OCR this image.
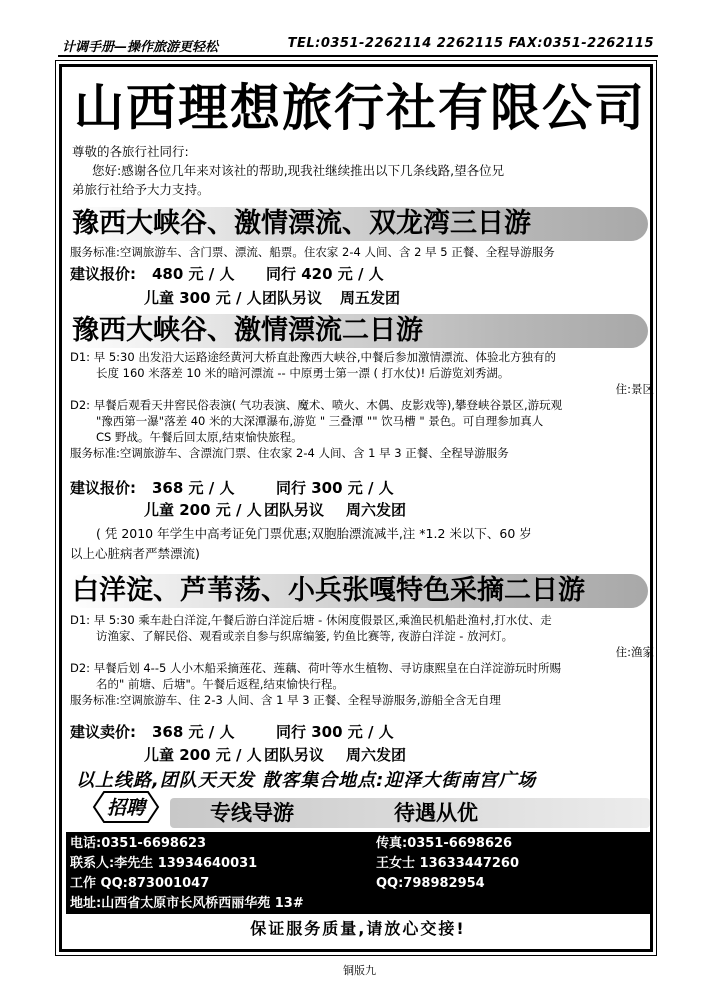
计调手册—操作旅游更轻松	TEL:0351-2262114 2262115 FAX:0351-2262115
山西理想旅行社有限公司
尊敬的各旅行社同行:

您好:感谢各位几年来对该社的帮助,现我社继续推出以下几条线路,望各位兄
弟旅行社给予大力支持。
豫西大峡谷、激情漂流、双龙湾三日游
服务标准:空调旅游车、含门票、漂流、船票。住农家 2-4 人间、含 2 早 5 正餐、全程导游服务
建议报价: 480 元 / 人 同行 420 元 / 人
儿童 300 元 / 人 团队另议 周五发团
豫西大峡谷、激情漂流二日游
D1: 早 5:30 出发沿大运路途经黄河大桥直赴豫西大峡谷,中餐后参加激情漂流、体验北方独有的
长度 160 米落差 10 米的暗河漂流 -- 中原勇士第一漂 ( 打水仗)! 后游览刘秀湖。
住:景区
D2: 早餐后观看天井窖民俗表演( 气功表演、魔术、喷火、木偶、皮影戏等),攀登峡谷景区,游玩观

"豫西第一瀑"落差 40 米的大深潭瀑布,游览 " 三叠潭 "" 饮马槽 " 景色。可自理参加真人
CS 野战。午餐后回太原,结束愉快旅程。
服务标准:空调旅游车、含漂流门票、住农家 2-4 人间、含 1 早 3 正餐、全程导游服务
建议报价: 368 元 / 人	同行 300 元 / 人
儿童 200 元 / 人 团队另议 周六发团
( 凭 2010 年学生中高考证免门票优惠;双胞胎漂流减半,注 *1.2 米以下、60 岁
以上心脏病者严禁漂流)
白洋淀、芦苇荡、小兵张嘎特色采摘二日游
D1: 早 5:30 乘车赴白洋淀,午餐后游白洋淀后塘 - 休闲度假景区,乘渔民机船赴渔村,打水仗、走
访渔家、了解民俗、观看或亲自参与织席编篓, 钓鱼比赛等, 夜游白洋淀 - 放河灯。
住:渔家
D2: 早餐后划 4--5 人小木船采摘莲花、莲藕、荷叶等水生植物、寻访康熙皇在白洋淀游玩时所赐

名的" 前塘、后塘"。午餐后返程,结束愉快行程。
服务标准:空调旅游车、住 2-3 人间、含 1 早 3 正餐、全程导游服务,游船全含无自理
建议卖价: 368 元 / 人	同行 300 元 / 人
儿童 200 元 / 人 团队另议 周六发团
以上线路,团队天天发 散客集合地点:迎泽大街南宫广场
招聘	专线导游	待遇从优
电话:0351-6698623	传真:0351-6698626
联系人:李先生 13934640031	王女士 13633447260
工作 QQ:873001047	QQ:798982954
地址:山西省太原市长风桥西丽华苑 13#
保证服务质量,请放心交接!
铜版九
